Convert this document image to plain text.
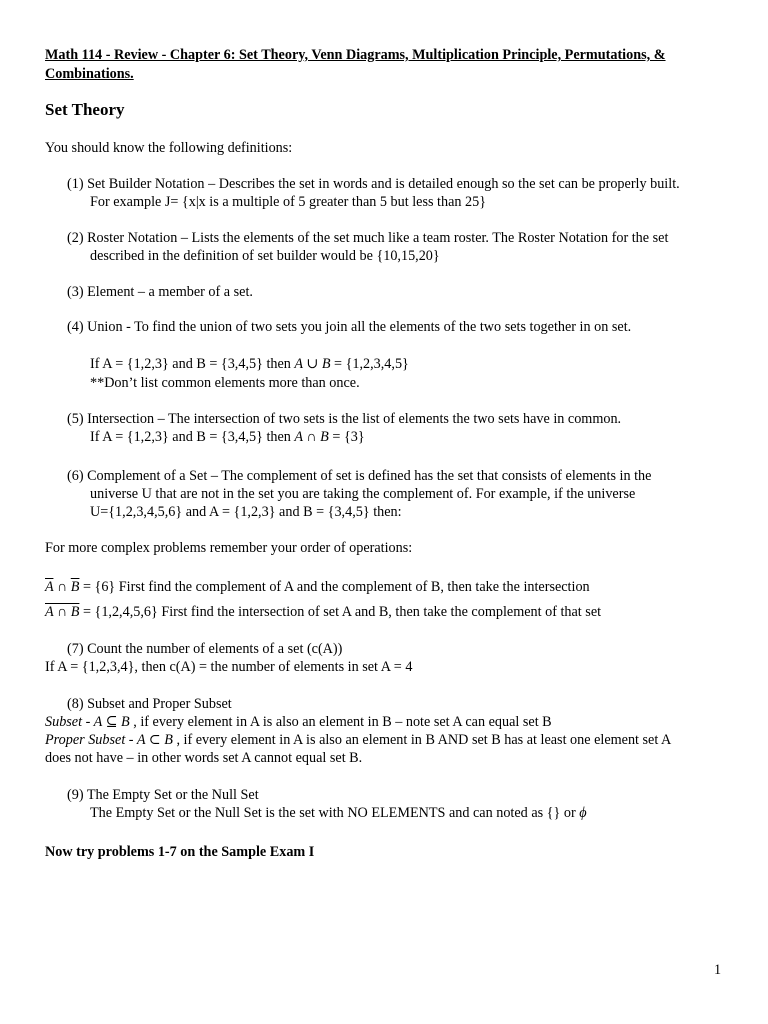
Math 114 - Review - Chapter 6: Set Theory, Venn Diagrams, Multiplication Principle, Permutations, &
Combinations.
Set Theory
You should know the following definitions:
(1) Set Builder Notation – Describes the set in words and is detailed enough so the set can be properly built.
For example J= {x|x is a multiple of 5 greater than 5 but less than 25}
(2) Roster Notation – Lists the elements of the set much like a team roster. The Roster Notation for the set
described in the definition of set builder would be {10,15,20}
(3) Element – a member of a set.
(4) Union - To find the union of two sets you join all the elements of the two sets together in on set.
If A = {1,2,3} and B = {3,4,5} then A ∪ B = {1,2,3,4,5}
**Don’t list common elements more than once.
(5) Intersection – The intersection of two sets is the list of elements the two sets have in common.
If A = {1,2,3} and B = {3,4,5} then A ∩ B = {3}
(6) Complement of a Set – The complement of set is defined has the set that consists of elements in the
universe U that are not in the set you are taking the complement of. For example, if the universe
U={1,2,3,4,5,6} and A = {1,2,3} and B = {3,4,5} then:
For more complex problems remember your order of operations:
$\overline{A}$ ∩ $\overline{B} = \{6\}$ First find the complement of A and the complement of B, then take the intersection
A ∩ B = {1,2,4,5,6} First find the intersection of set A and B, then take the complement of that set
(7) Count the number of elements of a set (c(A))
If A = {1,2,3,4}, then c(A) = the number of elements in set A = 4
(8) Subset and Proper Subset
Subset - A ⊆ B , if every element in A is also an element in B – note set A can equal set B
Proper Subset - A ⊂ B , if every element in A is also an element in B AND set B has at least one element set A
does not have – in other words set A cannot equal set B.
(9) The Empty Set or the Null Set
The Empty Set or the Null Set is the set with NO ELEMENTS and can noted as {} or ϕ
Now try problems 1-7 on the Sample Exam I
1
